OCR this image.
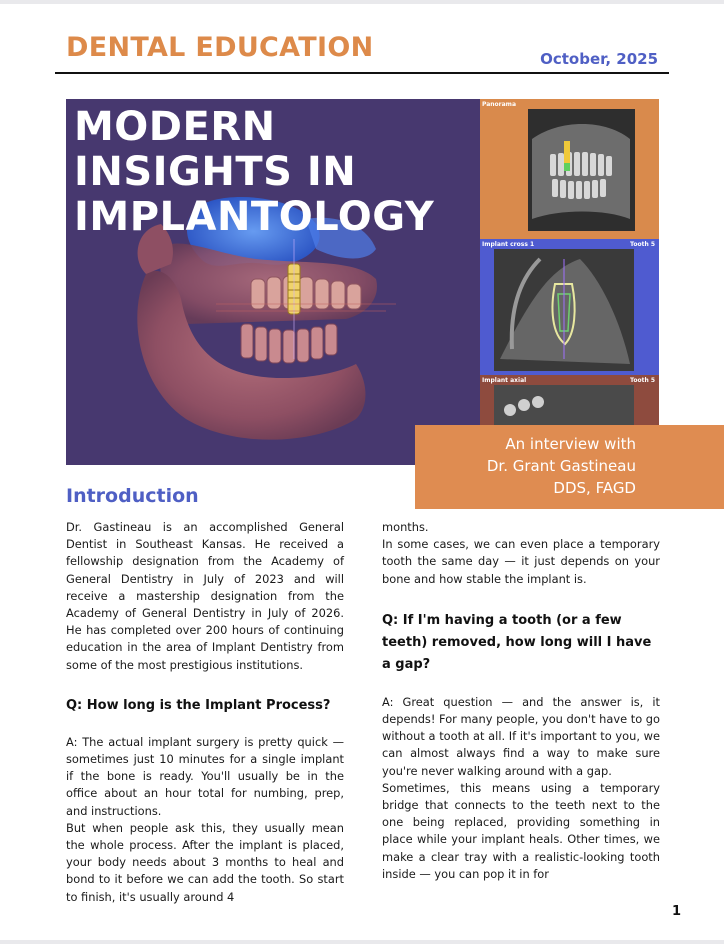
DENTAL EDUCATION	October, 2025
Panorama
Implant cross 1	Tooth 5
Implant axial	Tooth 5
MODERN
INSIGHTS IN
IMPLANTOLOGY
An interview with
Dr. Grant Gastineau
DDS, FAGD
Introduction

Dr. Gastineau is an accomplished General Dentist in Southeast Kansas. He received a fellowship designation from the Academy of General Dentistry in July of 2023 and will receive a mastership designation from the Academy of General Dentistry in July of 2026. He has completed over 200 hours of continuing education in the area of Implant Dentistry from some of the most prestigious institutions.

Q: How long is the Implant Process?

A: The actual implant surgery is pretty quick — sometimes just 10 minutes for a single implant if the bone is ready. You'll usually be in the office about an hour total for numbing, prep, and instructions.

But when people ask this, they usually mean the whole process. After the implant is placed, your body needs about 3 months to heal and bond to it before we can add the tooth. So start to finish, it's usually around 4

months.

In some cases, we can even place a temporary tooth the same day — it just depends on your bone and how stable the implant is.

Q: If I'm having a tooth (or a few teeth) removed, how long will I have a gap?

A: Great question — and the answer is, it depends! For many people, you don't have to go without a tooth at all. If it's important to you, we can almost always find a way to make sure you're never walking around with a gap.

Sometimes, this means using a temporary bridge that connects to the teeth next to the one being replaced, providing something in place while your implant heals. Other times, we make a clear tray with a realistic-looking tooth inside — you can pop it in for

1
